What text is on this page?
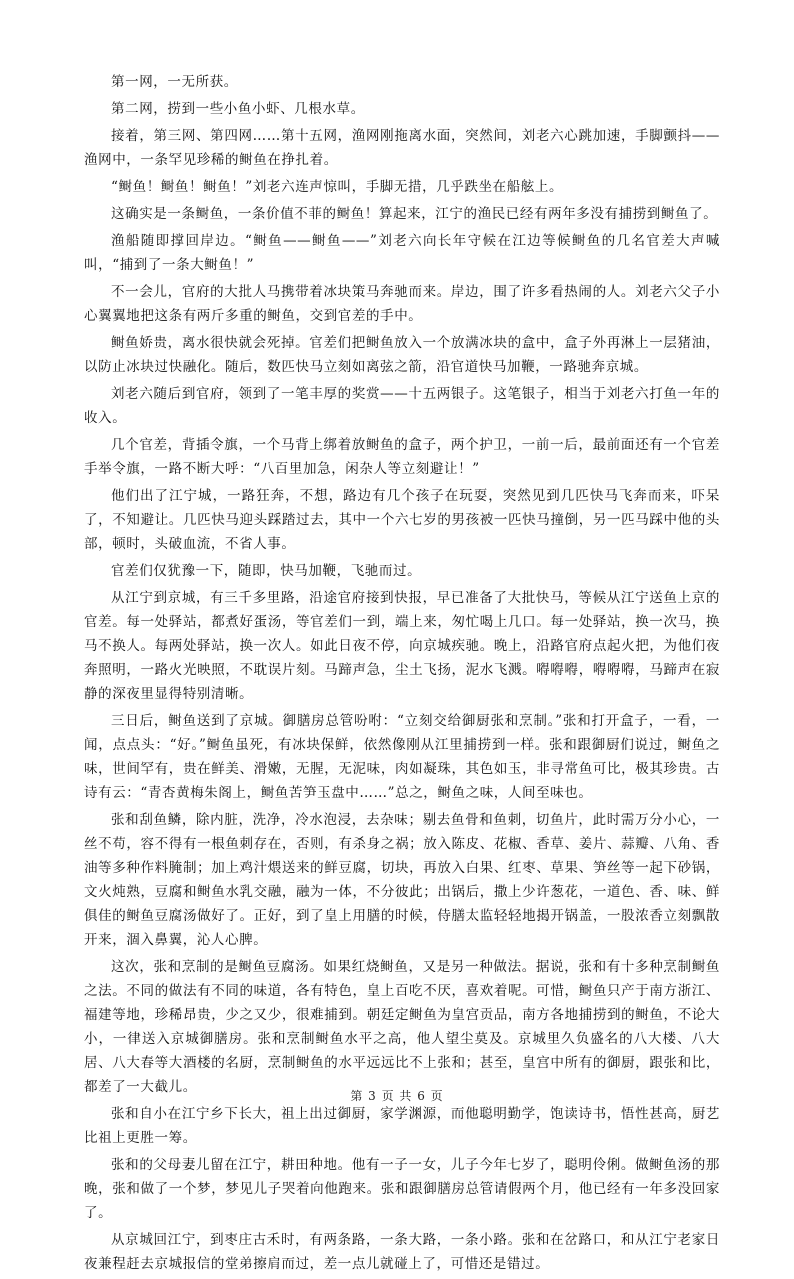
第一网，一无所获。

第二网，捞到一些小鱼小虾、几根水草。

接着，第三网、第四网……第十五网，渔网刚拖离水面，突然间，刘老六心跳加速，手脚颤抖——渔网中，一条罕见珍稀的鲥鱼在挣扎着。

“鲥鱼！鲥鱼！鲥鱼！”刘老六连声惊叫，手脚无措，几乎跌坐在船舷上。

这确实是一条鲥鱼，一条价值不菲的鲥鱼！算起来，江宁的渔民已经有两年多没有捕捞到鲥鱼了。

渔船随即撑回岸边。“鲥鱼——鲥鱼——”刘老六向长年守候在江边等候鲥鱼的几名官差大声喊叫，“捕到了一条大鲥鱼！”

不一会儿，官府的大批人马携带着冰块策马奔驰而来。岸边，围了许多看热闹的人。刘老六父子小心翼翼地把这条有两斤多重的鲥鱼，交到官差的手中。

鲥鱼娇贵，离水很快就会死掉。官差们把鲥鱼放入一个放满冰块的盒中，盒子外再淋上一层猪油，以防止冰块过快融化。随后，数匹快马立刻如离弦之箭，沿官道快马加鞭，一路驰奔京城。

刘老六随后到官府，领到了一笔丰厚的奖赏——十五两银子。这笔银子，相当于刘老六打鱼一年的收入。

几个官差，背插令旗，一个马背上绑着放鲥鱼的盒子，两个护卫，一前一后，最前面还有一个官差手举令旗，一路不断大呼：“八百里加急，闲杂人等立刻避让！”

他们出了江宁城，一路狂奔，不想，路边有几个孩子在玩耍，突然见到几匹快马飞奔而来，吓呆了，不知避让。几匹快马迎头踩踏过去，其中一个六七岁的男孩被一匹快马撞倒，另一匹马踩中他的头部，顿时，头破血流，不省人事。

官差们仅犹豫一下，随即，快马加鞭，飞驰而过。

从江宁到京城，有三千多里路，沿途官府接到快报，早已准备了大批快马，等候从江宁送鱼上京的官差。每一处驿站，都煮好蛋汤，等官差们一到，端上来，匆忙喝上几口。每一处驿站，换一次马，换马不换人。每两处驿站，换一次人。如此日夜不停，向京城疾驰。晚上，沿路官府点起火把，为他们夜奔照明，一路火光映照，不耽误片刻。马蹄声急，尘土飞扬，泥水飞溅。嘚嘚嘚，嘚嘚嘚，马蹄声在寂静的深夜里显得特别清晰。

三日后，鲥鱼送到了京城。御膳房总管吩咐：“立刻交给御厨张和烹制。”张和打开盒子，一看，一闻，点点头：“好。”鲥鱼虽死，有冰块保鲜，依然像刚从江里捕捞到一样。张和跟御厨们说过，鲥鱼之味，世间罕有，贵在鲜美、滑嫩，无腥，无泥味，肉如凝珠，其色如玉，非寻常鱼可比，极其珍贵。古诗有云：“青杏黄梅朱阁上，鲥鱼苦笋玉盘中……”总之，鲥鱼之味，人间至味也。

张和刮鱼鳞，除内脏，洗净，冷水泡浸，去杂味；剔去鱼骨和鱼刺，切鱼片，此时需万分小心，一丝不苟，容不得有一根鱼刺存在，否则，有杀身之祸；放入陈皮、花椒、香草、姜片、蒜瓣、八角、香油等多种作料腌制；加上鸡汁煨送来的鲜豆腐，切块，再放入白果、红枣、草果、笋丝等一起下砂锅，文火炖熟，豆腐和鲥鱼水乳交融，融为一体，不分彼此；出锅后，撒上少许葱花，一道色、香、味、鲜俱佳的鲥鱼豆腐汤做好了。正好，到了皇上用膳的时候，侍膳太监轻轻地揭开锅盖，一股浓香立刻飘散开来，涸入鼻翼，沁人心脾。

这次，张和烹制的是鲥鱼豆腐汤。如果红烧鲥鱼，又是另一种做法。据说，张和有十多种烹制鲥鱼之法。不同的做法有不同的味道，各有特色，皇上百吃不厌，喜欢着呢。可惜，鲥鱼只产于南方浙江、福建等地，珍稀昂贵，少之又少，很难捕到。朝廷定鲥鱼为皇宫贡品，南方各地捕捞到的鲥鱼，不论大小，一律送入京城御膳房。张和烹制鲥鱼水平之高，他人望尘莫及。京城里久负盛名的八大楼、八大居、八大春等大酒楼的名厨，烹制鲥鱼的水平远远比不上张和；甚至，皇宫中所有的御厨，跟张和比，都差了一大截儿。

张和自小在江宁乡下长大，祖上出过御厨，家学渊源，而他聪明勤学，饱读诗书，悟性甚高，厨艺比祖上更胜一筹。

张和的父母妻儿留在江宁，耕田种地。他有一子一女，儿子今年七岁了，聪明伶俐。做鲥鱼汤的那晚，张和做了一个梦，梦见儿子哭着向他跑来。张和跟御膳房总管请假两个月，他已经有一年多没回家了。

从京城回江宁，到枣庄古禾时，有两条路，一条大路，一条小路。张和在岔路口，和从江宁老家日夜兼程赶去京城报信的堂弟擦肩而过，差一点儿就碰上了，可惜还是错过。

第 3 页 共 6 页
